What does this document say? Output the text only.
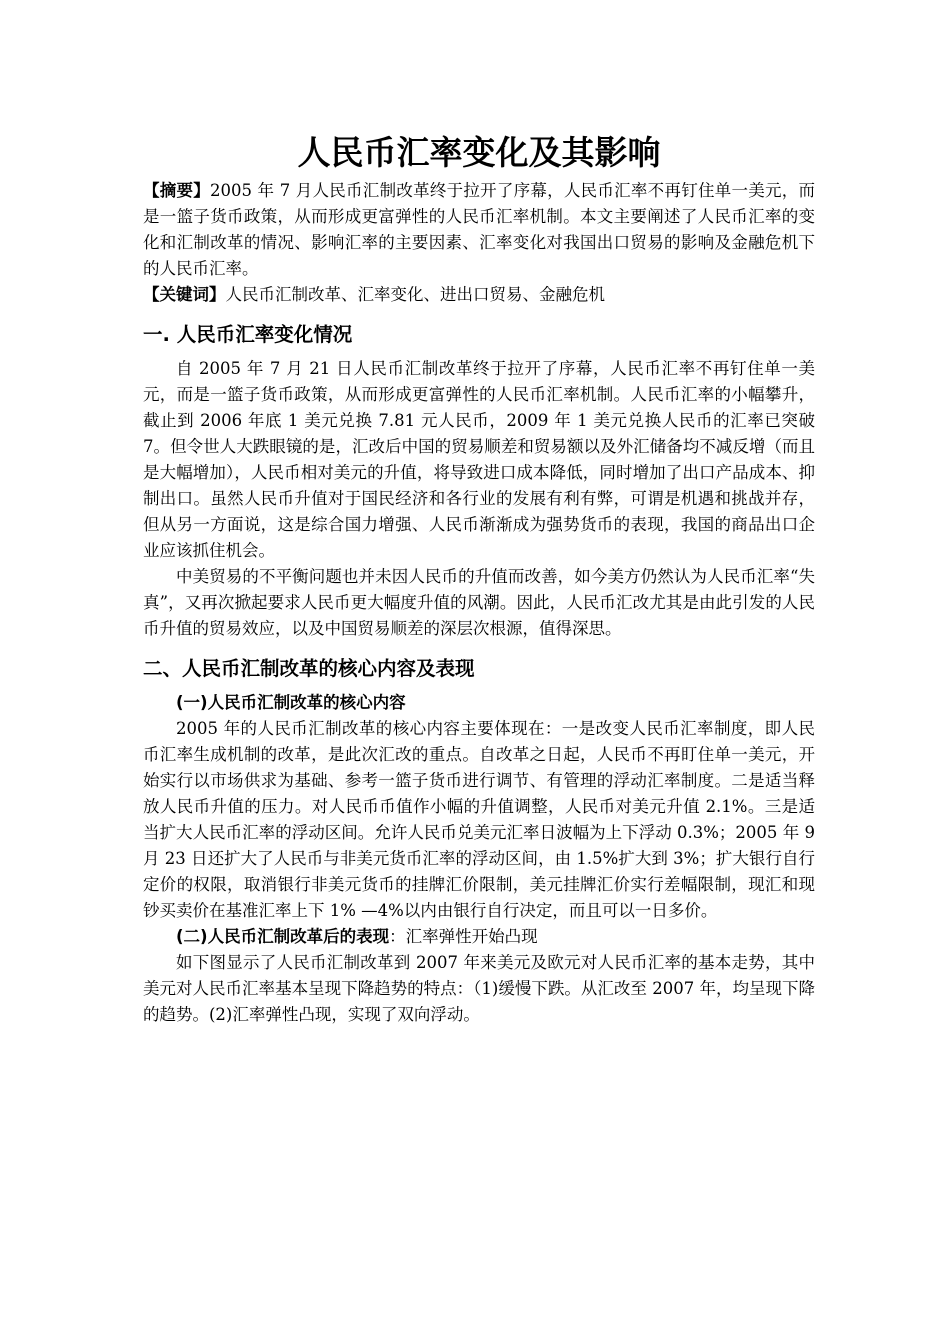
人民币汇率变化及其影响

【摘要】2005 年 7 月人民币汇制改革终于拉开了序幕，人民币汇率不再钉住单一美元，而是一篮子货币政策，从而形成更富弹性的人民币汇率机制。本文主要阐述了人民币汇率的变化和汇制改革的情况、影响汇率的主要因素、汇率变化对我国出口贸易的影响及金融危机下的人民币汇率。

【关键词】人民币汇制改革、汇率变化、进出口贸易、金融危机

一. 人民币汇率变化情况

自 2005 年 7 月 21 日人民币汇制改革终于拉开了序幕，人民币汇率不再钉住单一美元，而是一篮子货币政策，从而形成更富弹性的人民币汇率机制。人民币汇率的小幅攀升，截止到 2006 年底 1 美元兑换 7.81 元人民币，2009 年 1 美元兑换人民币的汇率已突破 7。但令世人大跌眼镜的是，汇改后中国的贸易顺差和贸易额以及外汇储备均不减反增（而且是大幅增加），人民币相对美元的升值，将导致进口成本降低，同时增加了出口产品成本、抑制出口。虽然人民币升值对于国民经济和各行业的发展有利有弊，可谓是机遇和挑战并存，但从另一方面说，这是综合国力增强、人民币渐渐成为强势货币的表现，我国的商品出口企业应该抓住机会。

中美贸易的不平衡问题也并未因人民币的升值而改善，如今美方仍然认为人民币汇率“失真”，又再次掀起要求人民币更大幅度升值的风潮。因此，人民币汇改尤其是由此引发的人民币升值的贸易效应，以及中国贸易顺差的深层次根源，值得深思。

二、人民币汇制改革的核心内容及表现
(一)人民币汇制改革的核心内容

2005 年的人民币汇制改革的核心内容主要体现在：一是改变人民币汇率制度，即人民币汇率生成机制的改革，是此次汇改的重点。自改革之日起，人民币不再盯住单一美元，开始实行以市场供求为基础、参考一篮子货币进行调节、有管理的浮动汇率制度。二是适当释放人民币升值的压力。对人民币币值作小幅的升值调整，人民币对美元升值 2.1%。三是适当扩大人民币汇率的浮动区间。允许人民币兑美元汇率日波幅为上下浮动 0.3%；2005 年 9 月 23 日还扩大了人民币与非美元货币汇率的浮动区间，由 1.5%扩大到 3%；扩大银行自行定价的权限，取消银行非美元货币的挂牌汇价限制，美元挂牌汇价实行差幅限制，现汇和现钞买卖价在基准汇率上下 1% —4%以内由银行自行决定，而且可以一日多价。

(二)人民币汇制改革后的表现：汇率弹性开始凸现

如下图显示了人民币汇制改革到 2007 年来美元及欧元对人民币汇率的基本走势，其中美元对人民币汇率基本呈现下降趋势的特点：（1)缓慢下跌。从汇改至 2007 年，均呈现下降的趋势。(2)汇率弹性凸现，实现了双向浮动。
